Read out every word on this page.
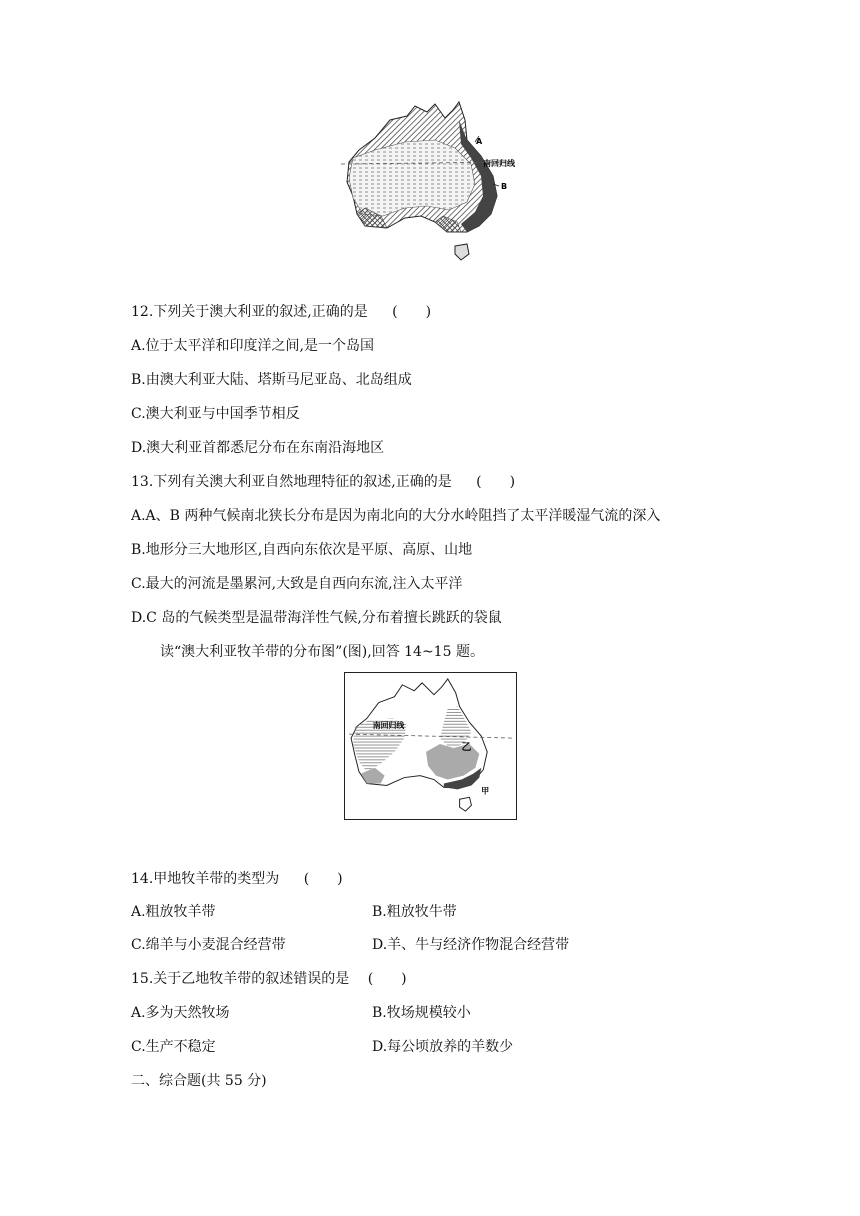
A
B
南回归线
12.下列关于澳大利亚的叙述,正确的是 (　　)
A.位于太平洋和印度洋之间,是一个岛国
B.由澳大利亚大陆、塔斯马尼亚岛、北岛组成
C.澳大利亚与中国季节相反
D.澳大利亚首都悉尼分布在东南沿海地区
13.下列有关澳大利亚自然地理特征的叙述,正确的是 (　　)
A.A、B 两种气候南北狭长分布是因为南北向的大分水岭阻挡了太平洋暖湿气流的深入
B.地形分三大地形区,自西向东依次是平原、高原、山地
C.最大的河流是墨累河,大致是自西向东流,注入太平洋
D.C 岛的气候类型是温带海洋性气候,分布着擅长跳跃的袋鼠
读“澳大利亚牧羊带的分布图”(图),回答 14~15 题。
南回归线
乙
甲
14.甲地牧羊带的类型为 (　　)
A.粗放牧羊带	B.粗放牧牛带
C.绵羊与小麦混合经营带	D.羊、牛与经济作物混合经营带
15.关于乙地牧羊带的叙述错误的是 (　　)
A.多为天然牧场	B.牧场规模较小
C.生产不稳定	D.每公顷放养的羊数少
二、综合题(共 55 分)
